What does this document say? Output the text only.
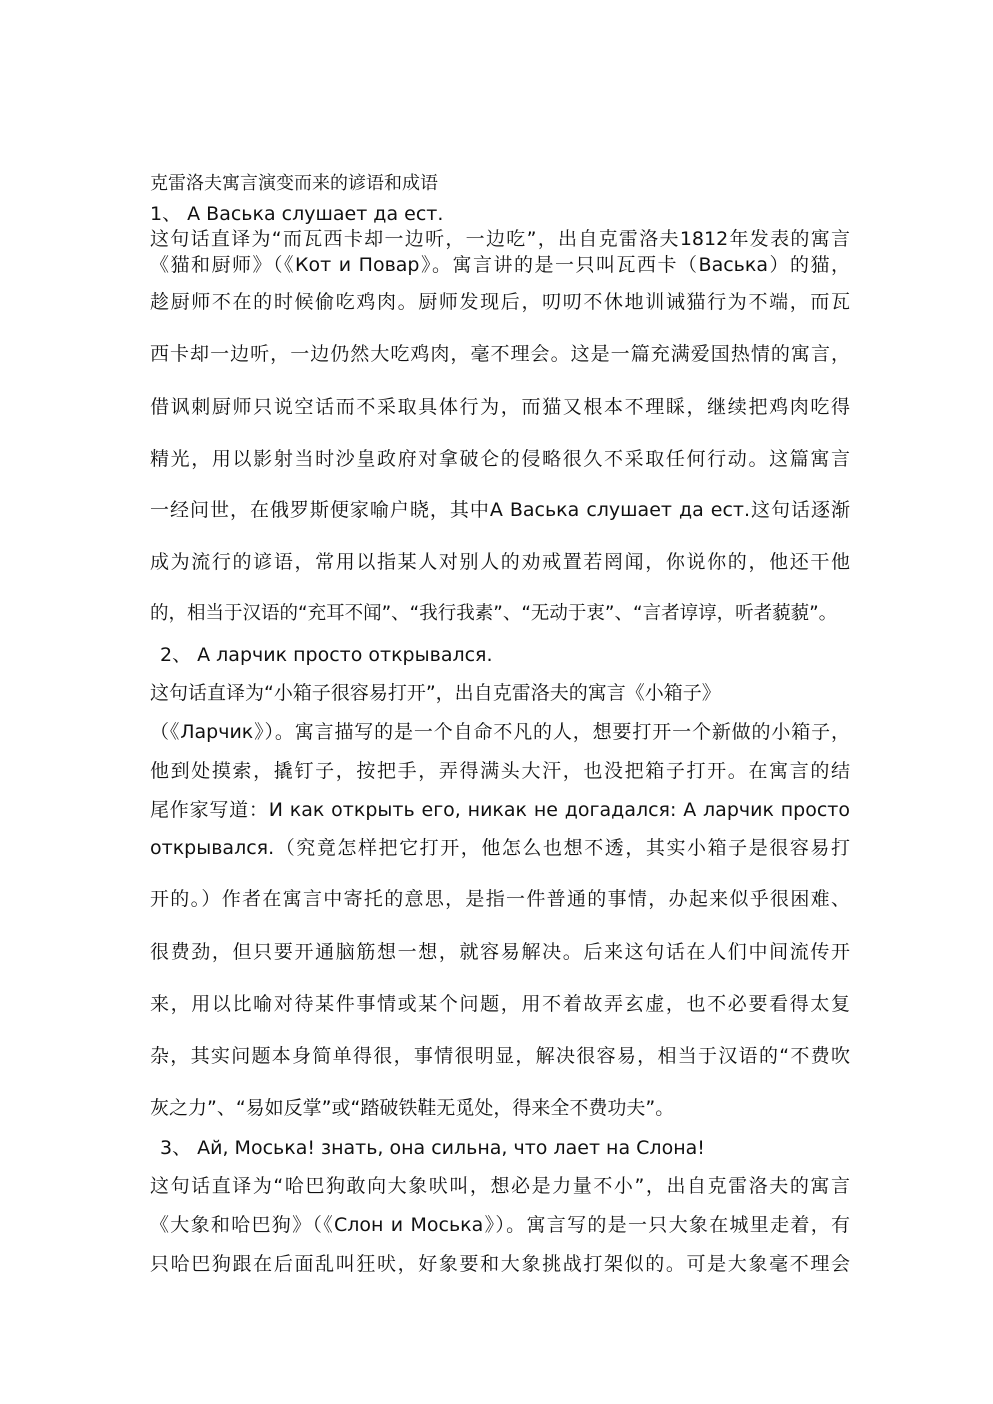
克雷洛夫寓言演变而来的谚语和成语
1、 А Васька слушает да ест.
这句话直译为“而瓦西卡却一边听，一边吃”，出自克雷洛夫1812年发表的寓言
《猫和厨师》（《Кот и Повар》。寓言讲的是一只叫瓦西卡（Васька）的猫，
趁厨师不在的时候偷吃鸡肉。厨师发现后，叨叨不休地训诫猫行为不端，而瓦
西卡却一边听，一边仍然大吃鸡肉，毫不理会。这是一篇充满爱国热情的寓言，
借讽刺厨师只说空话而不采取具体行为，而猫又根本不理睬，继续把鸡肉吃得
精光，用以影射当时沙皇政府对拿破仑的侵略很久不采取任何行动。这篇寓言
一经问世，在俄罗斯便家喻户晓，其中А Васька слушает да ест.这句话逐渐
成为流行的谚语，常用以指某人对别人的劝戒置若罔闻，你说你的，他还干他
的，相当于汉语的“充耳不闻”、“我行我素”、“无动于衷”、“言者谆谆，听者藐藐”。
2、 А ларчик просто открывался.
这句话直译为“小箱子很容易打开”，出自克雷洛夫的寓言《小箱子》
（《Ларчик》）。寓言描写的是一个自命不凡的人，想要打开一个新做的小箱子，
他到处摸索，撬钉子，按把手，弄得满头大汗，也没把箱子打开。在寓言的结
尾作家写道：И как открыть его, никак не догадался: А ларчик просто
открывался.（究竟怎样把它打开，他怎么也想不透，其实小箱子是很容易打
开的。）作者在寓言中寄托的意思，是指一件普通的事情，办起来似乎很困难、
很费劲，但只要开通脑筋想一想，就容易解决。后来这句话在人们中间流传开
来，用以比喻对待某件事情或某个问题，用不着故弄玄虚，也不必要看得太复
杂，其实问题本身简单得很，事情很明显，解决很容易，相当于汉语的“不费吹
灰之力”、“易如反掌”或“踏破铁鞋无觅处，得来全不费功夫”。
3、 Ай, Моська! знать, она сильна, что лает на Слона!
这句话直译为“哈巴狗敢向大象吠叫，想必是力量不小”，出自克雷洛夫的寓言
《大象和哈巴狗》（《Слон и Моська》）。寓言写的是一只大象在城里走着，有
只哈巴狗跟在后面乱叫狂吠，好象要和大象挑战打架似的。可是大象毫不理会
